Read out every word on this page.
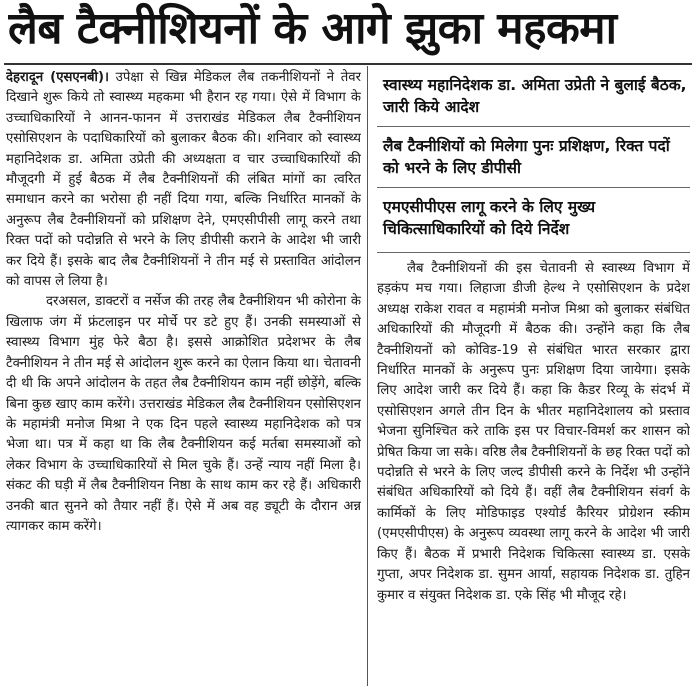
लैब टैक्नीशियनों के आगे झुका महकमा

देहरादून (एसएनबी)। उपेक्षा से खिन्न मेडिकल लैब तकनीशियनों ने तेवर दिखाने शुरू किये तो स्वास्थ्य महकमा भी हैरान रह गया। ऐसे में विभाग के उच्चाधिकारियों ने आनन-फानन में उत्तराखंड मेडिकल लैब टैक्नीशियन एसोसिएशन के पदाधिकारियों को बुलाकर बैठक की। शनिवार को स्वास्थ्य महानिदेशक डा. अमिता उप्रेती की अध्यक्षता व चार उच्चाधिकारियों की मौजूदगी में हुई बैठक में लैब टैक्नीशियनों की लंबित मांगों का त्वरित समाधान करने का भरोसा ही नहीं दिया गया, बल्कि निर्धारित मानकों के अनुरूप लैब टैक्नीशियनों को प्रशिक्षण देने, एमएसीपीसी लागू करने तथा रिक्त पदों को पदोन्नति से भरने के लिए डीपीसी कराने के आदेश भी जारी कर दिये हैं। इसके बाद लैब टैक्नीशियनों ने तीन मई से प्रस्तावित आंदोलन को वापस ले लिया है।

दरअसल, डाक्टरों व नर्सेज की तरह लैब टैक्नीशियन भी कोरोना के खिलाफ जंग में फ्रंटलाइन पर मोर्चे पर डटे हुए हैं। उनकी समस्याओं से स्वास्थ्य विभाग मुंह फेरे बैठा है। इससे आक्रोशित प्रदेशभर के लैब टैक्नीशियन ने तीन मई से आंदोलन शुरू करने का ऐलान किया था। चेतावनी दी थी कि अपने आंदोलन के तहत लैब टैक्नीशियन काम नहीं छोड़ेंगे, बल्कि बिना कुछ खाए काम करेंगे। उत्तराखंड मेडिकल लैब टैक्नीशियन एसोसिएशन के महामंत्री मनोज मिश्रा ने एक दिन पहले स्वास्थ्य महानिदेशक को पत्र भेजा था। पत्र में कहा था कि लैब टैक्नीशियन कई मर्तबा समस्याओं को लेकर विभाग के उच्चाधिकारियों से मिल चुके हैं। उन्हें न्याय नहीं मिला है। संकट की घड़ी में लैब टैक्नीशियन निष्ठा के साथ काम कर रहे हैं। अधिकारी उनकी बात सुनने को तैयार नहीं हैं। ऐसे में अब वह ड्यूटी के दौरान अन्न त्यागकर काम करेंगे।

स्वास्थ्य महानिदेशक डा. अमिता उप्रेती ने बुलाई बैठक, जारी किये आदेश
लैब टैक्नीशियों को मिलेगा पुनः प्रशिक्षण, रिक्त पदों को भरने के लिए डीपीसी
एमएसीपीएस लागू करने के लिए मुख्य चिकित्साधिकारियों को दिये निर्देश

लैब टैक्नीशियनों की इस चेतावनी से स्वास्थ्य विभाग में हड़कंप मच गया। लिहाजा डीजी हेल्थ ने एसोसिएशन के प्रदेश अध्यक्ष राकेश रावत व महामंत्री मनोज मिश्रा को बुलाकर संबंधित अधिकारियों की मौजूदगी में बैठक की। उन्होंने कहा कि लैब टैक्नीशियनों को कोविड-19 से संबंधित भारत सरकार द्वारा निर्धारित मानकों के अनुरूप पुनः प्रशिक्षण दिया जायेगा। इसके लिए आदेश जारी कर दिये हैं। कहा कि कैडर रिव्यू के संदर्भ में एसोसिएशन अगले तीन दिन के भीतर महानिदेशालय को प्रस्ताव भेजना सुनिश्चित करे ताकि इस पर विचार-विमर्श कर शासन को प्रेषित किया जा सके। वरिष्ठ लैब टैक्नीशियनों के छह रिक्त पदों को पदोन्नति से भरने के लिए जल्द डीपीसी करने के निर्देश भी उन्होंने संबंधित अधिकारियों को दिये हैं। वहीं लैब टैक्नीशियन संवर्ग के कार्मिकों के लिए मोडिफाइड एश्योर्ड कैरियर प्रोग्रेशन स्कीम (एमएसीपीएस) के अनुरूप व्यवस्था लागू करने के आदेश भी जारी किए हैं। बैठक में प्रभारी निदेशक चिकित्सा स्वास्थ्य डा. एसके गुप्ता, अपर निदेशक डा. सुमन आर्या, सहायक निदेशक डा. तुहिन कुमार व संयुक्त निदेशक डा. एके सिंह भी मौजूद रहे।
